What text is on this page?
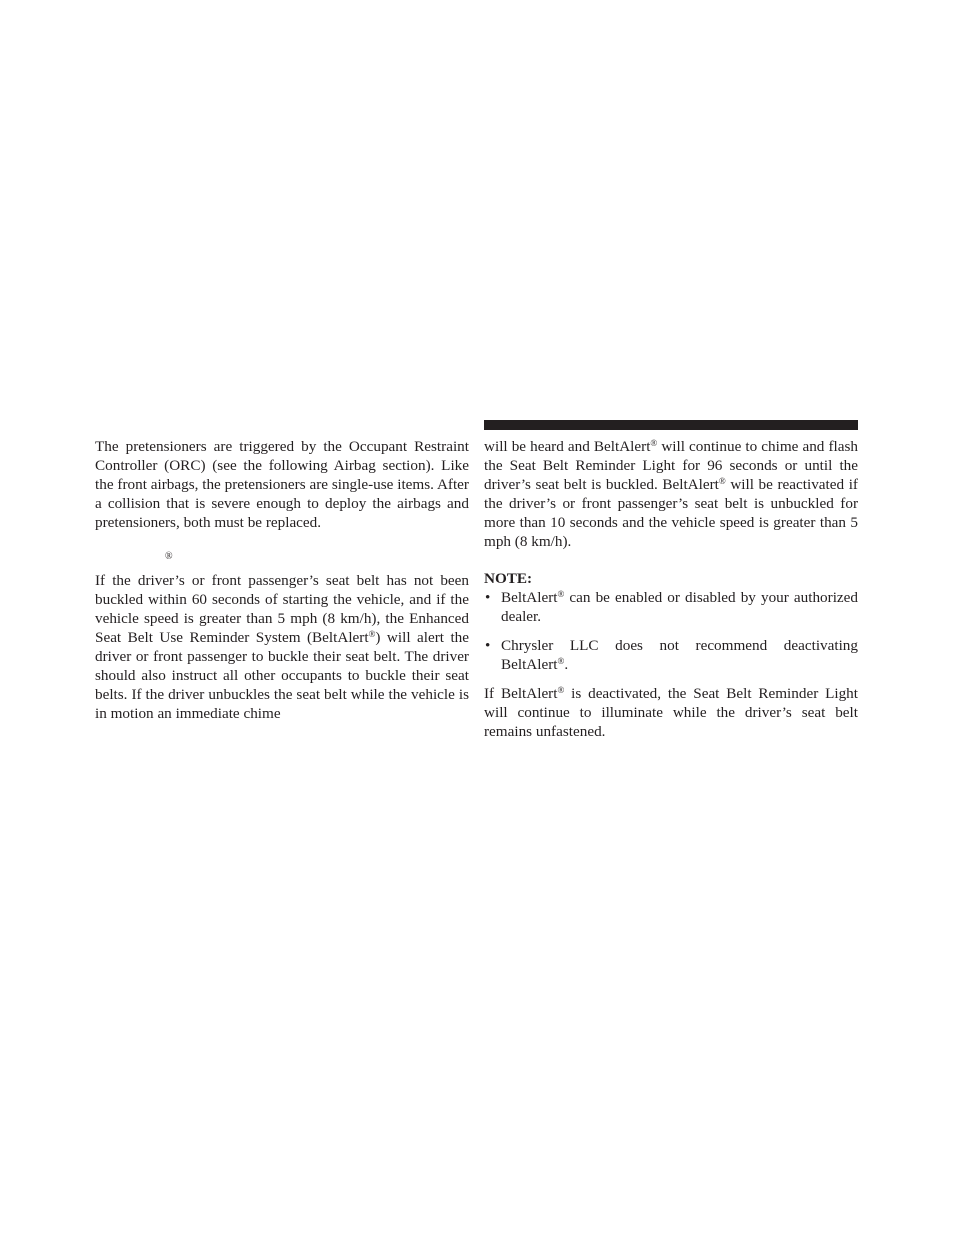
The pretensioners are triggered by the Occupant Restraint Controller (ORC) (see the following Airbag section). Like the front airbags, the pretensioners are single-use items. After a collision that is severe enough to deploy the airbags and pretensioners, both must be replaced.

®

If the driver’s or front passenger’s seat belt has not been buckled within 60 seconds of starting the vehicle, and if the vehicle speed is greater than 5 mph (8 km/h), the Enhanced Seat Belt Use Reminder System (BeltAlert®) will alert the driver or front passenger to buckle their seat belt. The driver should also instruct all other occupants to buckle their seat belts. If the driver unbuckles the seat belt while the vehicle is in motion an immediate chime

will be heard and BeltAlert® will continue to chime and flash the Seat Belt Reminder Light for 96 seconds or until the driver’s seat belt is buckled. BeltAlert® will be reactivated if the driver’s or front passenger’s seat belt is unbuckled for more than 10 seconds and the vehicle speed is greater than 5 mph (8 km/h).

NOTE:

• BeltAlert® can be enabled or disabled by your authorized dealer.
• Chrysler LLC does not recommend deactivating BeltAlert®.

If BeltAlert® is deactivated, the Seat Belt Reminder Light will continue to illuminate while the driver’s seat belt remains unfastened.
